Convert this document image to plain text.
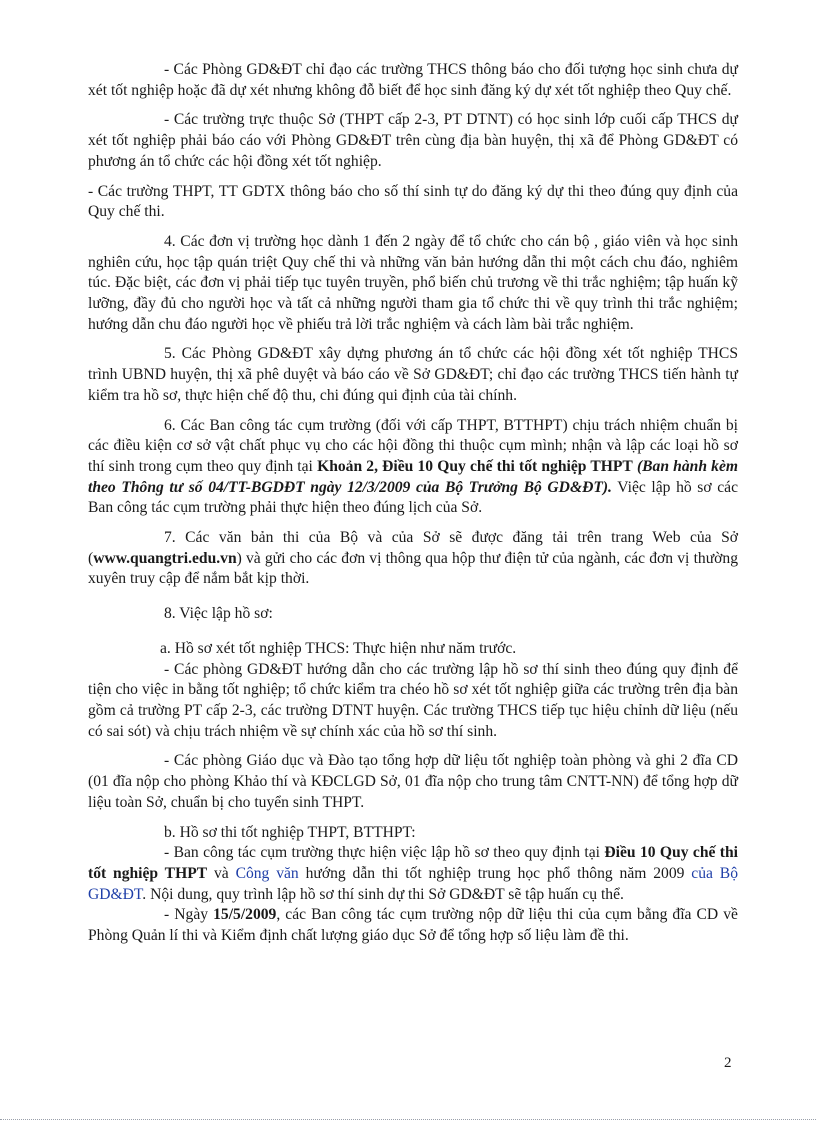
- Các Phòng GD&ĐT chỉ đạo các trường THCS thông báo cho đối tượng học sinh chưa dự xét tốt nghiệp hoặc đã dự xét nhưng không đỗ biết để học sinh đăng ký dự xét tốt nghiệp theo Quy chế.

- Các trường trực thuộc Sở (THPT cấp 2-3, PT DTNT) có học sinh lớp cuối cấp THCS dự xét tốt nghiệp phải báo cáo với Phòng GD&ĐT trên cùng địa bàn huyện, thị xã để Phòng GD&ĐT có phương án tổ chức các hội đồng xét tốt nghiệp.

- Các trường THPT, TT GDTX thông báo cho số thí sinh tự do đăng ký dự thi theo đúng quy định của Quy chế thi.

4. Các đơn vị trường học dành 1 đến 2 ngày để tổ chức cho cán bộ , giáo viên và học sinh nghiên cứu, học tập quán triệt Quy chế thi và những văn bản hướng dẫn thi một cách chu đáo, nghiêm túc. Đặc biệt, các đơn vị phải tiếp tục tuyên truyền, phổ biến chủ trương về thi trắc nghiệm; tập huấn kỹ lưỡng, đầy đủ cho người học và tất cả những người tham gia tổ chức thi về quy trình thi trắc nghiệm; hướng dẫn chu đáo người học về phiếu trả lời trắc nghiệm và cách làm bài trắc nghiệm.

5. Các Phòng GD&ĐT xây dựng phương án tổ chức các hội đồng xét tốt nghiệp THCS trình UBND huyện, thị xã phê duyệt và báo cáo về Sở GD&ĐT; chỉ đạo các trường THCS tiến hành tự kiểm tra hồ sơ, thực hiện chế độ thu, chi đúng qui định của tài chính.

6. Các Ban công tác cụm trường (đối với cấp THPT, BTTHPT) chịu trách nhiệm chuẩn bị các điều kiện cơ sở vật chất phục vụ cho các hội đồng thi thuộc cụm mình; nhận và lập các loại hồ sơ thí sinh trong cụm theo quy định tại Khoản 2, Điều 10 Quy chế thi tốt nghiệp THPT (Ban hành kèm theo Thông tư số 04/TT-BGDĐT ngày 12/3/2009 của Bộ Trưởng Bộ GD&ĐT). Việc lập hồ sơ các Ban công tác cụm trường phải thực hiện theo đúng lịch của Sở.

7. Các văn bản thi của Bộ và của Sở sẽ được đăng tải trên trang Web của Sở (www.quangtri.edu.vn) và gửi cho các đơn vị thông qua hộp thư điện tử của ngành, các đơn vị thường xuyên truy cập để nắm bắt kịp thời.

8. Việc lập hồ sơ:

a. Hồ sơ xét tốt nghiệp THCS: Thực hiện như năm trước.

- Các phòng GD&ĐT hướng dẫn cho các trường lập hồ sơ thí sinh theo đúng quy định để tiện cho việc in bằng tốt nghiệp; tổ chức kiểm tra chéo hồ sơ xét tốt nghiệp giữa các trường trên địa bàn gồm cả trường PT cấp 2-3, các trường DTNT huyện. Các trường THCS tiếp tục hiệu chỉnh dữ liệu (nếu có sai sót) và chịu trách nhiệm về sự chính xác của hồ sơ thí sinh.

- Các phòng Giáo dục và Đào tạo tổng hợp dữ liệu tốt nghiệp toàn phòng và ghi 2 đĩa CD (01 đĩa nộp cho phòng Khảo thí và KĐCLGD Sở, 01 đĩa nộp cho trung tâm CNTT-NN) để tổng hợp dữ liệu toàn Sở, chuẩn bị cho tuyển sinh THPT.

b. Hồ sơ thi tốt nghiệp THPT, BTTHPT:

- Ban công tác cụm trường thực hiện việc lập hồ sơ theo quy định tại Điều 10 Quy chế thi tốt nghiệp THPT và Công văn hướng dẫn thi tốt nghiệp trung học phổ thông năm 2009 của Bộ GD&ĐT. Nội dung, quy trình lập hồ sơ thí sinh dự thi Sở GD&ĐT sẽ tập huấn cụ thể.

- Ngày 15/5/2009, các Ban công tác cụm trường nộp dữ liệu thi của cụm bằng đĩa CD về Phòng Quản lí thi và Kiểm định chất lượng giáo dục Sở để tổng hợp số liệu làm đề thi.

2
